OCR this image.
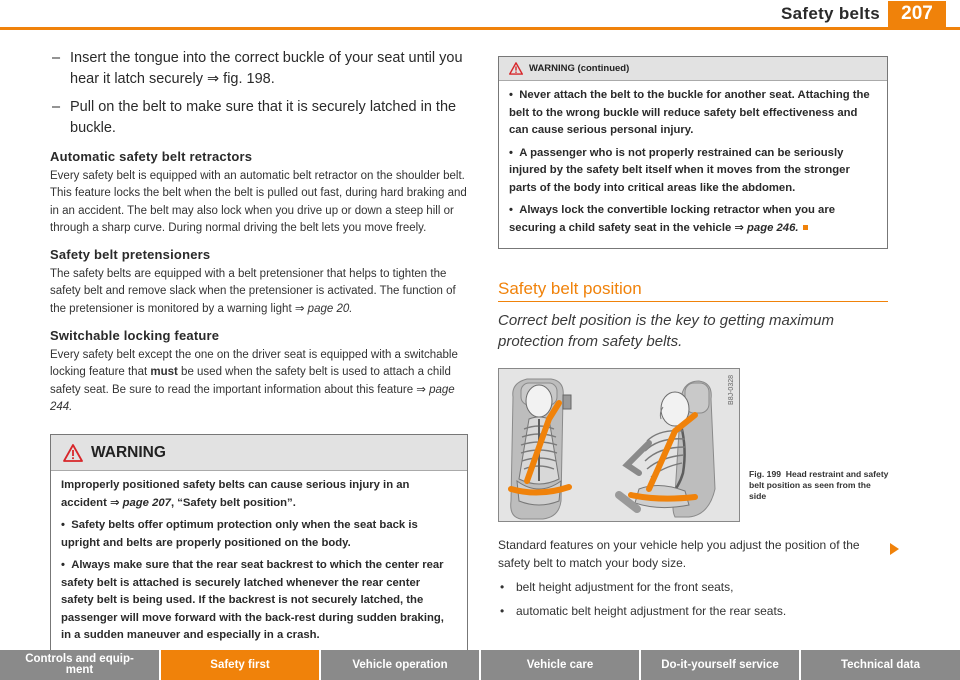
Safety belts	207
– Insert the tongue into the correct buckle of your seat until you hear it latch securely ⇒ fig. 198.
– Pull on the belt to make sure that it is securely latched in the buckle.
Automatic safety belt retractors

Every safety belt is equipped with an automatic belt retractor on the shoulder belt. This feature locks the belt when the belt is pulled out fast, during hard braking and in an accident. The belt may also lock when you drive up or down a steep hill or through a sharp curve. During normal driving the belt lets you move freely.

Safety belt pretensioners

The safety belts are equipped with a belt pretensioner that helps to tighten the safety belt and remove slack when the pretensioner is activated. The function of the pretensioner is monitored by a warning light ⇒ page 20.

Switchable locking feature

Every safety belt except the one on the driver seat is equipped with a switchable locking feature that must be used when the safety belt is used to attach a child safety seat. Be sure to read the important information about this feature ⇒ page 244.

WARNING

Improperly positioned safety belts can cause serious injury in an accident ⇒ page 207, “Safety belt position”.

•  Safety belts offer optimum protection only when the seat back is upright and belts are properly positioned on the body.

•  Always make sure that the rear seat backrest to which the center rear safety belt is attached is securely latched whenever the rear center safety belt is being used. If the backrest is not securely latched, the passenger will move forward with the back-rest during sudden braking, in a sudden maneuver and especially in a crash.

WARNING (continued)

•  Never attach the belt to the buckle for another seat. Attaching the belt to the wrong buckle will reduce safety belt effectiveness and can cause serious personal injury.

•  A passenger who is not properly restrained can be seriously injured by the safety belt itself when it moves from the stronger parts of the body into critical areas like the abdomen.

•  Always lock the convertible locking retractor when you are securing a child safety seat in the vehicle ⇒ page 246.

Safety belt position
Correct belt position is the key to getting maximum protection from safety belts.
B8J-0328
Fig. 199 Head restraint and safety belt position as seen from the side

Standard features on your vehicle help you adjust the position of the safety belt to match your body size.

• belt height adjustment for the front seats,
• automatic belt height adjustment for the rear seats.
Controls and equip-
ment	Safety first	Vehicle operation	Vehicle care	Do-it-yourself service	Technical data
